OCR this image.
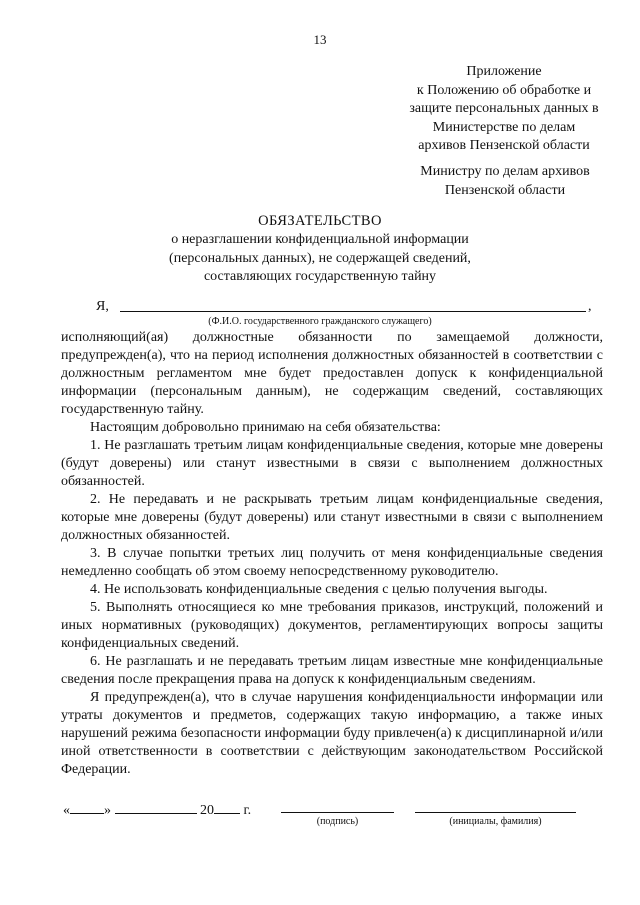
13
Приложение
к Положению об обработке и
защите персональных данных в
Министерстве по делам
архивов Пензенской области
Министру по делам архивов
Пензенской области
ОБЯЗАТЕЛЬСТВО
о неразглашении конфиденциальной информации
(персональных данных), не содержащей сведений,
составляющих государственную тайну
Я,	,
(Ф.И.О. государственного гражданского служащего)

исполняющий(ая) должностные обязанности по замещаемой должности, предупрежден(а), что на период исполнения должностных обязанностей в соответствии с должностным регламентом мне будет предоставлен допуск к конфиденциальной информации (персональным данным), не содержащим сведений, составляющих государственную тайну.

Настоящим добровольно принимаю на себя обязательства:

1. Не разглашать третьим лицам конфиденциальные сведения, которые мне доверены (будут доверены) или станут известными в связи с выполнением должностных обязанностей.

2. Не передавать и не раскрывать третьим лицам конфиденциальные сведения, которые мне доверены (будут доверены) или станут известными в связи с выполнением должностных обязанностей.

3. В случае попытки третьих лиц получить от меня конфиденциальные сведения немедленно сообщать об этом своему непосредственному руководителю.

4. Не использовать конфиденциальные сведения с целью получения выгоды.

5. Выполнять относящиеся ко мне требования приказов, инструкций, положений и иных нормативных (руководящих) документов, регламентирующих вопросы защиты конфиденциальных сведений.

6. Не разглашать и не передавать третьим лицам известные мне конфиденциальные сведения после прекращения права на допуск к конфиденциальным сведениям.

Я предупрежден(а), что в случае нарушения конфиденциальности информации или утраты документов и предметов, содержащих такую информацию, а также иных нарушений режима безопасности информации буду привлечен(а) к дисциплинарной и/или иной ответственности в соответствии с действующим законодательством Российской Федерации.

« »	20 г.
(подпись)	(инициалы, фамилия)
